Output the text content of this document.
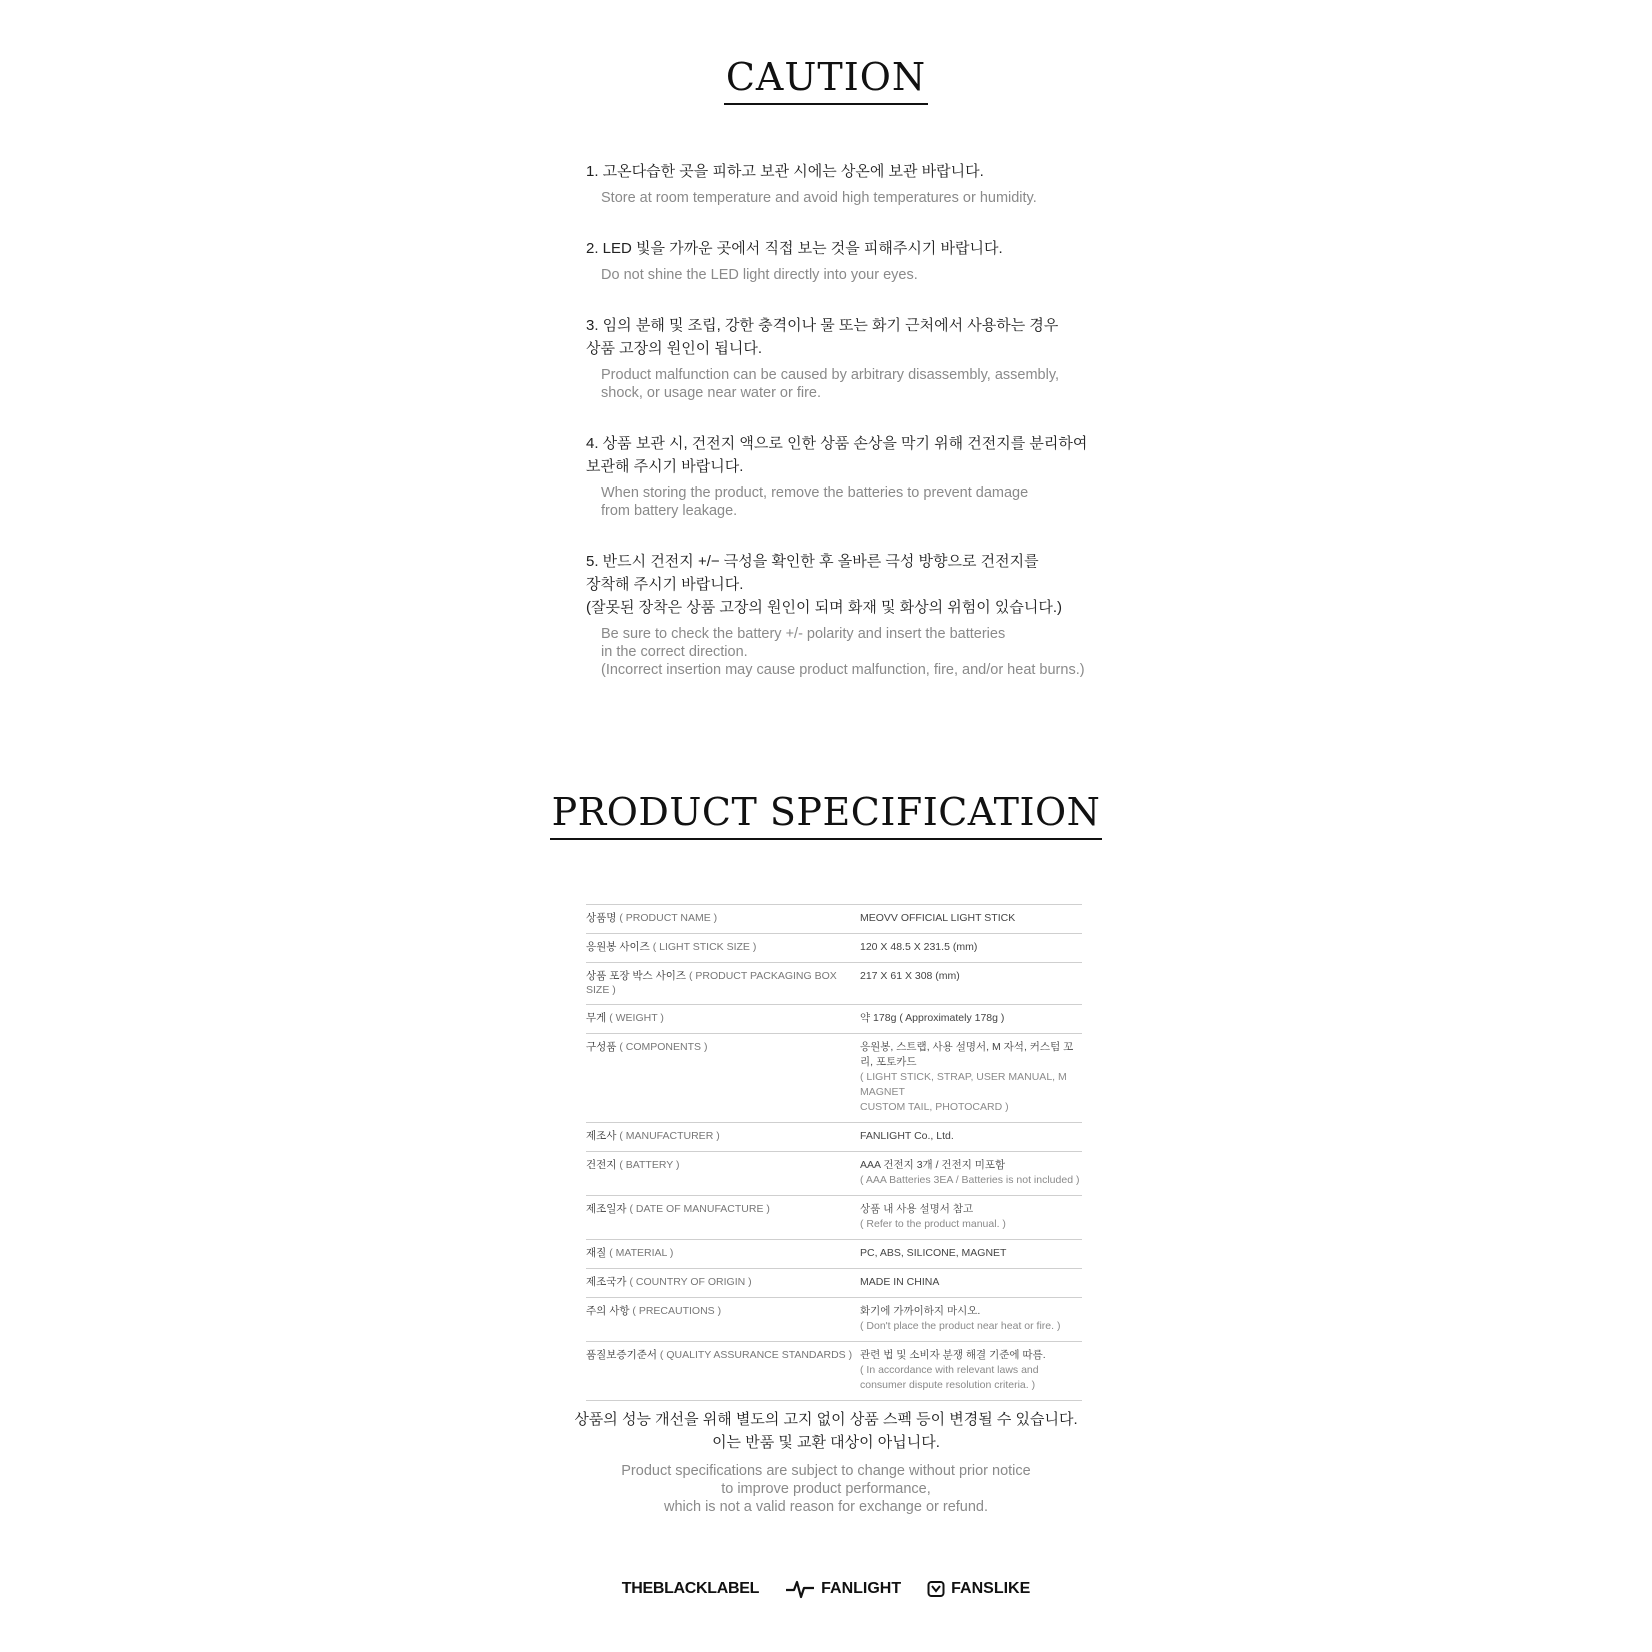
CAUTION
1. 고온다습한 곳을 피하고 보관 시에는 상온에 보관 바랍니다.
Store at room temperature and avoid high temperatures or humidity.
2. LED 빛을 가까운 곳에서 직접 보는 것을 피해주시기 바랍니다.
Do not shine the LED light directly into your eyes.
3. 임의 분해 및 조립, 강한 충격이나 물 또는 화기 근처에서 사용하는 경우
상품 고장의 원인이 됩니다.
Product malfunction can be caused by arbitrary disassembly, assembly,
shock, or usage near water or fire.
4. 상품 보관 시, 건전지 액으로 인한 상품 손상을 막기 위해 건전지를 분리하여
보관해 주시기 바랍니다.
When storing the product, remove the batteries to prevent damage
from battery leakage.
5. 반드시 건전지 +/− 극성을 확인한 후 올바른 극성 방향으로 건전지를
장착해 주시기 바랍니다.
(잘못된 장착은 상품 고장의 원인이 되며 화재 및 화상의 위험이 있습니다.)
Be sure to check the battery +/- polarity and insert the batteries
in the correct direction.
(Incorrect insertion may cause product malfunction, fire, and/or heat burns.)
PRODUCT SPECIFICATION
상품명 ( PRODUCT NAME )	MEOVV OFFICIAL LIGHT STICK
응원봉 사이즈 ( LIGHT STICK SIZE )	120 X 48.5 X 231.5 (mm)
상품 포장 박스 사이즈 ( PRODUCT PACKAGING BOX SIZE )
217 X 61 X 308 (mm)
무게 ( WEIGHT )	약 178g ( Approximately 178g )
구성품 ( COMPONENTS )	응원봉, 스트랩, 사용 설명서, M 자석, 커스텀 꼬리, 포토카드
( LIGHT STICK, STRAP, USER MANUAL, M MAGNET
CUSTOM TAIL, PHOTOCARD )
제조사 ( MANUFACTURER )	FANLIGHT Co., Ltd.
건전지 ( BATTERY )	AAA 건전지 3개 / 건전지 미포함
( AAA Batteries 3EA / Batteries is not included )
제조일자 ( DATE OF MANUFACTURE )	상품 내 사용 설명서 참고
( Refer to the product manual. )
재질 ( MATERIAL )	PC, ABS, SILICONE, MAGNET
제조국가 ( COUNTRY OF ORIGIN )	MADE IN CHINA
주의 사항 ( PRECAUTIONS )	화기에 가까이하지 마시오.
( Don't place the product near heat or fire. )
품질보증기준서 ( QUALITY ASSURANCE STANDARDS ) 관련 법 및 소비자 분쟁 해결 기준에 따름.
( In accordance with relevant laws and
consumer dispute resolution criteria. )
상품의 성능 개선을 위해 별도의 고지 없이 상품 스펙 등이 변경될 수 있습니다.
이는 반품 및 교환 대상이 아닙니다.
Product specifications are subject to change without prior notice
to improve product performance,
which is not a valid reason for exchange or refund.
THEBLACKLABEL	FANLIGHT	FANSLIKE
